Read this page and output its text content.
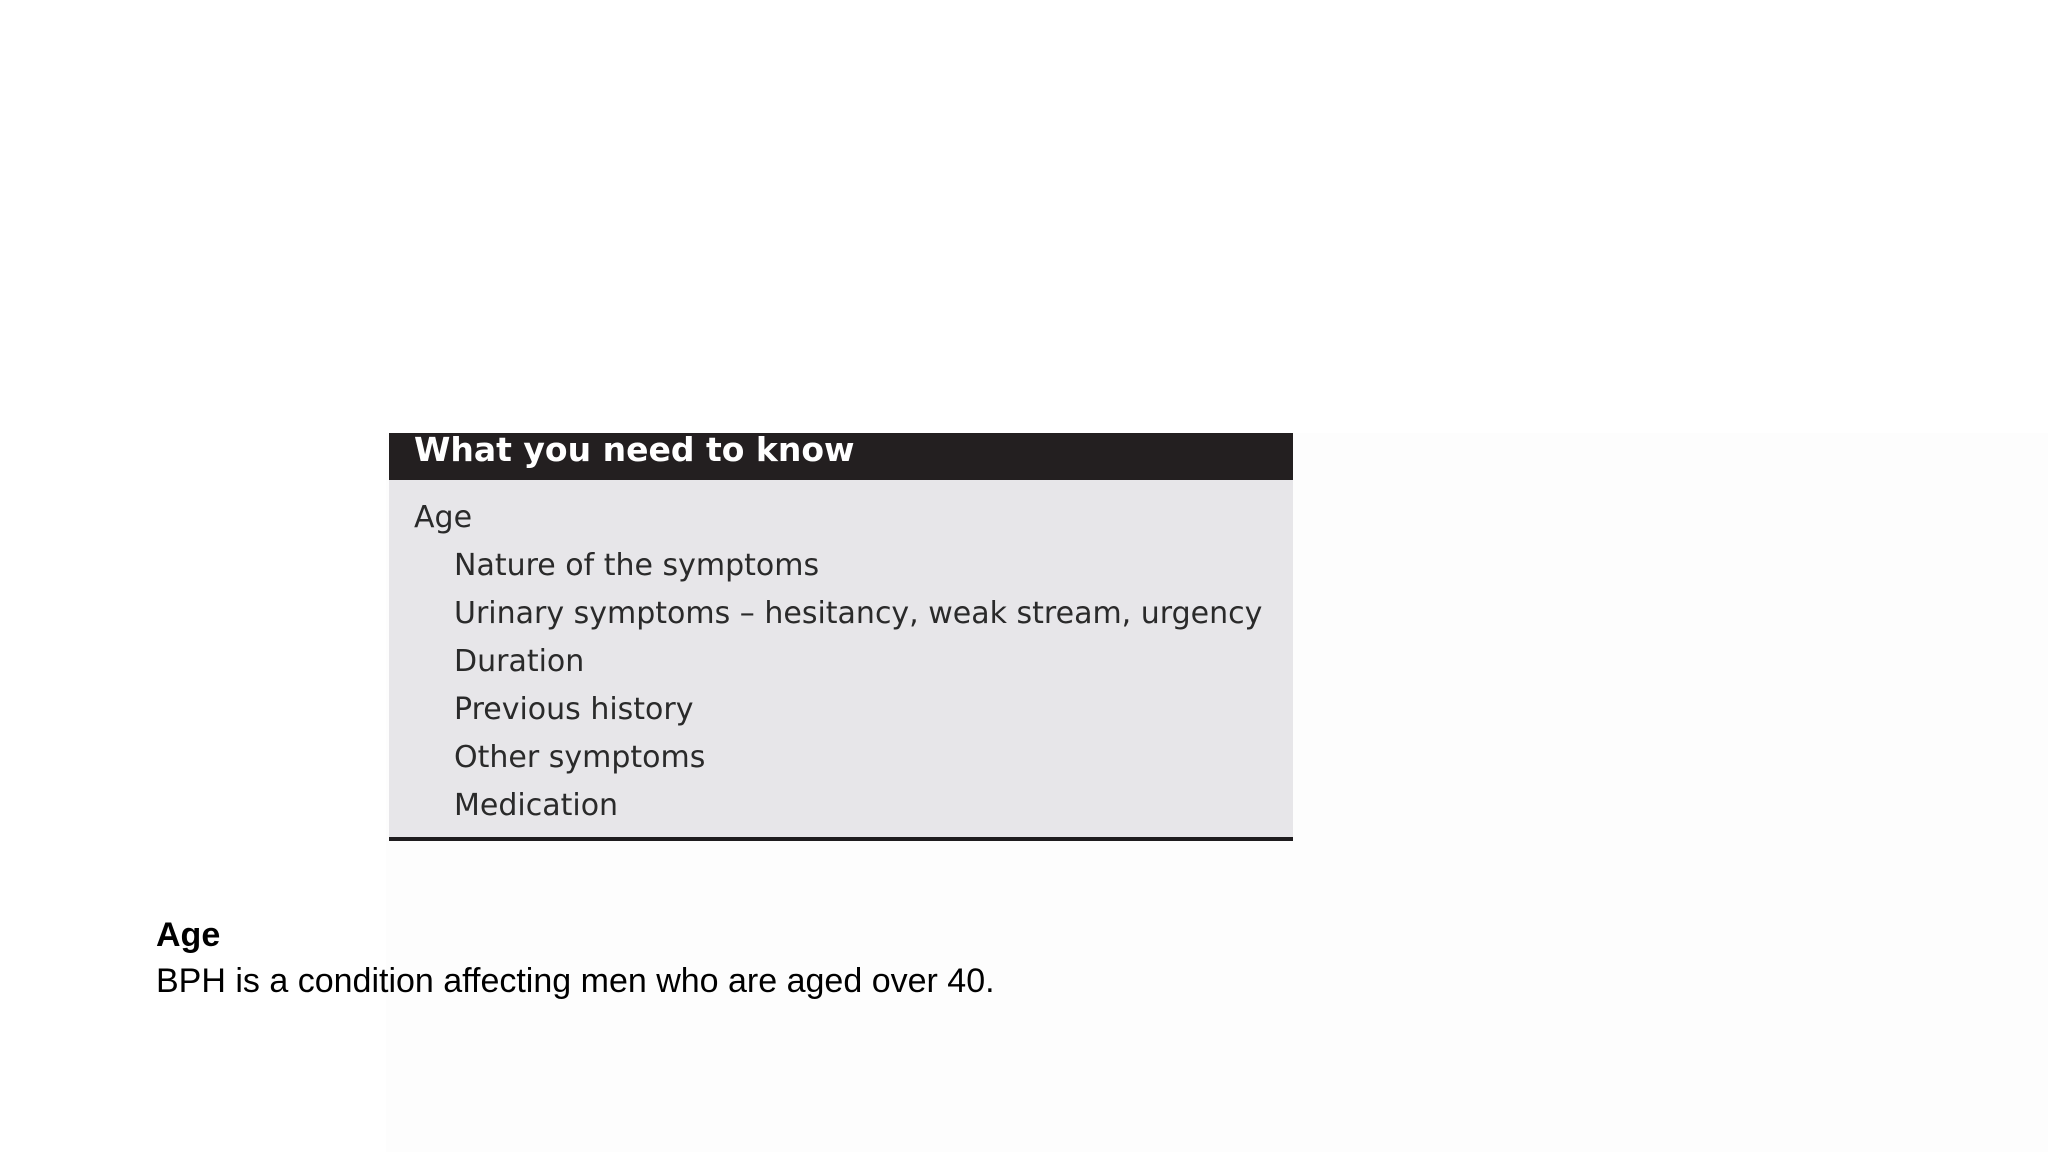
What you need to know
Age
Nature of the symptoms
Urinary symptoms – hesitancy, weak stream, urgency
Duration
Previous history
Other symptoms
Medication
Age
BPH is a condition affecting men who are aged over 40.
